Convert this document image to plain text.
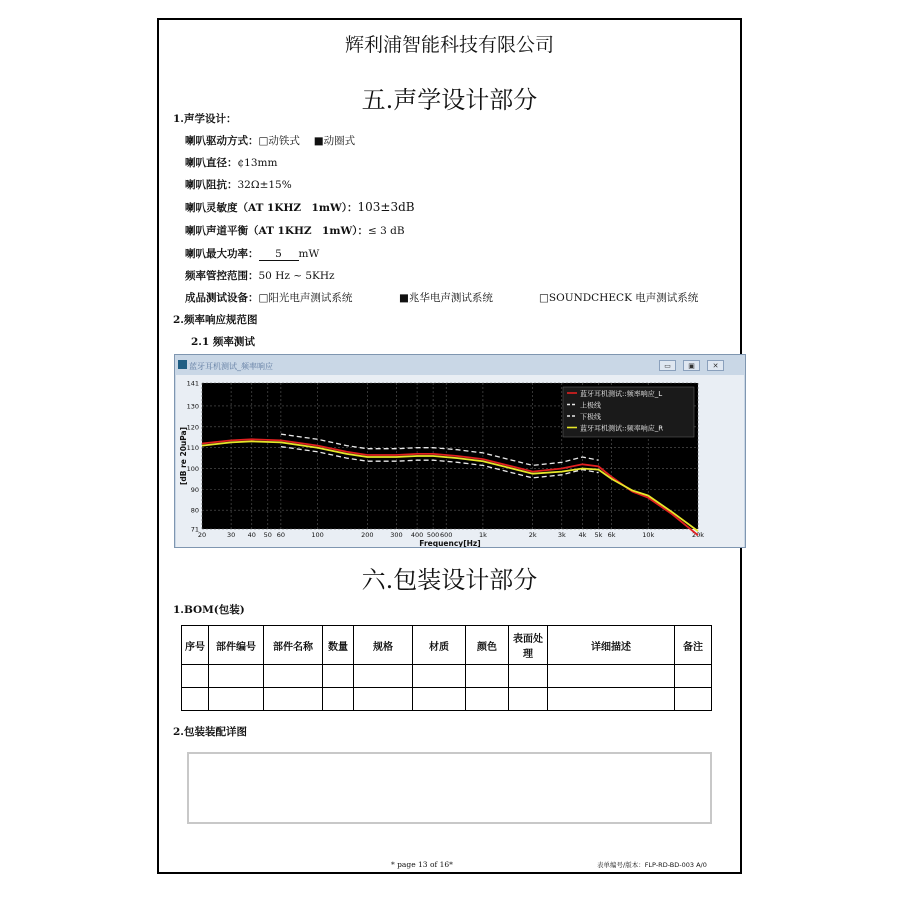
辉利浦智能科技有限公司
五.声学设计部分
1.声学设计：
喇叭驱动方式：□动铁式　 ■动圈式
喇叭直径：¢13mm
喇叭阻抗：32Ω±15%
喇叭灵敏度（AT 1KHZ　1mW）：103±3dB
喇叭声道平衡（AT 1KHZ　1mW）：≤ 3 dB
喇叭最大功率： 5 mW
频率管控范围：50 Hz ~ 5KHz
成品测试设备：□阳光电声测试系统	■兆华电声测试系统	□SOUNDCHECK 电声测试系统
2.频率响应规范图
2.1 频率测试
蓝牙耳机测试_频率响应	▭	▣	✕
20	30 40 50 60	100	200	300 400 500 600	1k	2k	3k 4k 5k 6k	10k	20k
71
80
90
100
110
120
130
141
Frequency[Hz]
[dB re 20uPa]
蓝牙耳机测试::频率响应_L
上极线
下极线
蓝牙耳机测试::频率响应_R
六.包装设计部分
1.BOM(包装)
序号	部件编号	部件名称	数量	规格	材质	颜色	表面处理	详细描述	备注

2.包装装配详图
* page 13 of 16*	表单编号/版本：FLP-RD-BD-003 A/0
